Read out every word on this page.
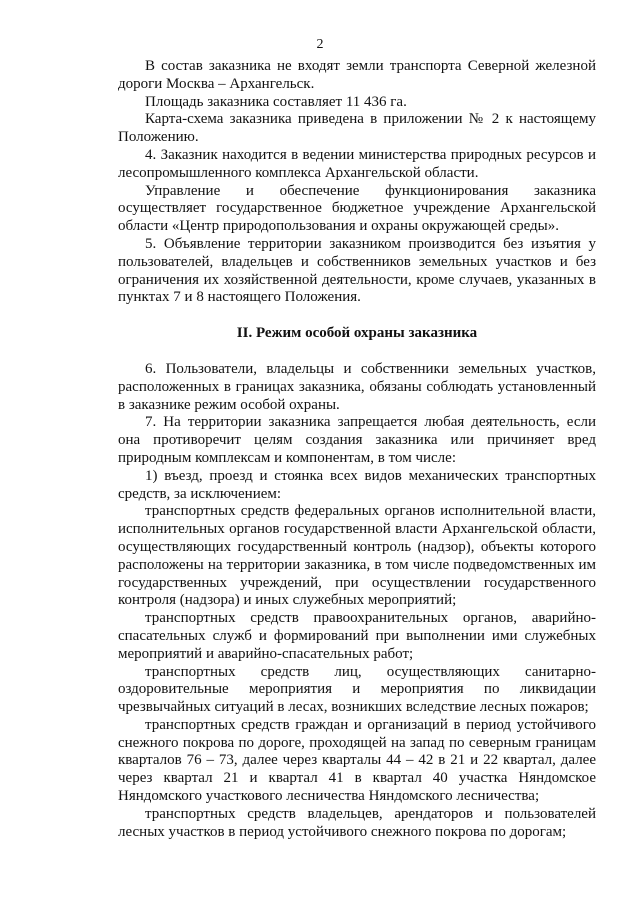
2

В состав заказника не входят земли транспорта Северной железной дороги Москва – Архангельск.

Площадь заказника составляет 11 436 га.

Карта-схема заказника приведена в приложении № 2 к настоящему Положению.

4. Заказник находится в ведении министерства природных ресурсов и лесопромышленного комплекса Архангельской области.

Управление и обеспечение функционирования заказника осуществляет государственное бюджетное учреждение Архангельской области «Центр природопользования и охраны окружающей среды».

5. Объявление территории заказником производится без изъятия у пользователей, владельцев и собственников земельных участков и без ограничения их хозяйственной деятельности, кроме случаев, указанных в пунктах 7 и 8 настоящего Положения.

II. Режим особой охраны заказника

6. Пользователи, владельцы и собственники земельных участков, расположенных в границах заказника, обязаны соблюдать установленный в заказнике режим особой охраны.

7. На территории заказника запрещается любая деятельность, если она противоречит целям создания заказника или причиняет вред природным комплексам и компонентам, в том числе:

1) въезд, проезд и стоянка всех видов механических транспортных средств, за исключением:

транспортных средств федеральных органов исполнительной власти, исполнительных органов государственной власти Архангельской области, осуществляющих государственный контроль (надзор), объекты которого расположены на территории заказника, в том числе подведомственных им государственных учреждений, при осуществлении государственного контроля (надзора) и иных служебных мероприятий;

транспортных средств правоохранительных органов, аварийно-спасательных служб и формирований при выполнении ими служебных мероприятий и аварийно-спасательных работ;

транспортных средств лиц, осуществляющих санитарно-оздоровительные мероприятия и мероприятия по ликвидации чрезвычайных ситуаций в лесах, возникших вследствие лесных пожаров;

транспортных средств граждан и организаций в период устойчивого снежного покрова по дороге, проходящей на запад по северным границам кварталов 76 – 73, далее через кварталы 44 – 42 в 21 и 22 квартал, далее через квартал 21 и квартал 41 в квартал 40 участка Няндомское Няндомского участкового лесничества Няндомского лесничества;

транспортных средств владельцев, арендаторов и пользователей лесных участков в период устойчивого снежного покрова по дорогам;
